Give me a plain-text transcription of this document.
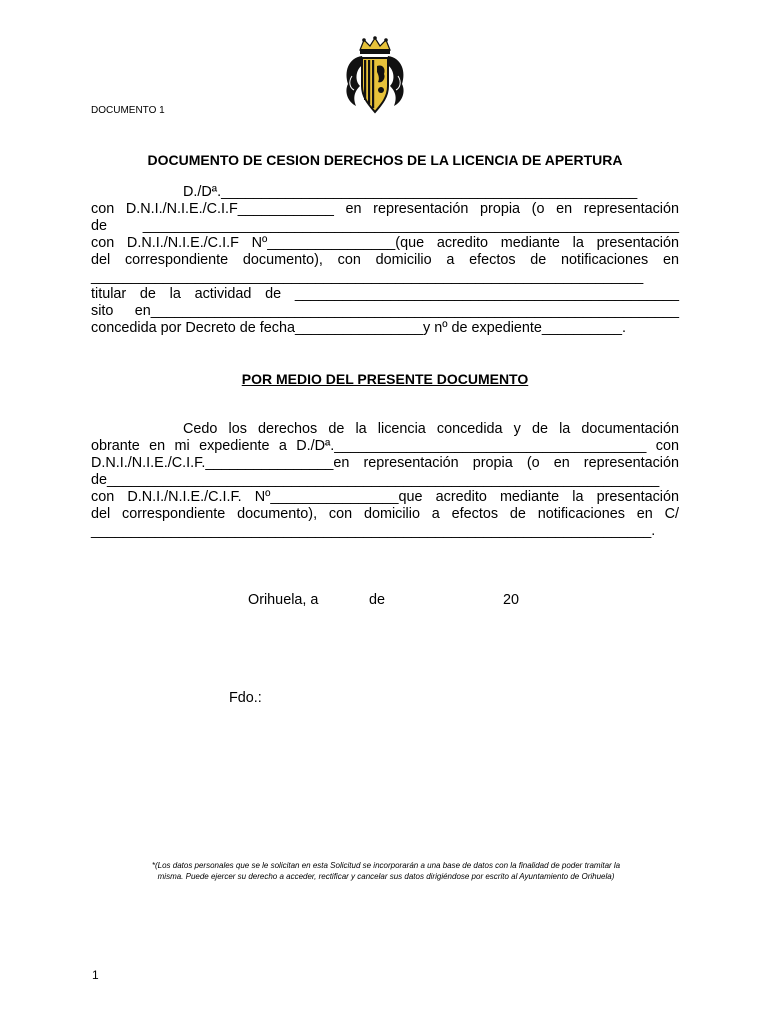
DOCUMENTO 1
DOCUMENTO DE CESION DERECHOS DE LA LICENCIA DE APERTURA
D./Dª.____________________________________________________
con D.N.I./N.I.E./C.I.F____________ en representación propia (o en representación
de ___________________________________________________________________
con D.N.I./N.I.E./C.I.F Nº________________(que acredito mediante la presentación
del correspondiente documento), con domicilio a efectos de notificaciones en
_____________________________________________________________________
titular de la actividad de ________________________________________________
sito en__________________________________________________________________
concedida por Decreto de fecha________________y nº de expediente__________.
POR MEDIO DEL PRESENTE DOCUMENTO
Cedo los derechos de la licencia concedida y de la documentación
obrante en mi expediente a D./Dª._______________________________________ con
D.N.I./N.I.E./C.I.F.________________en representación propia (o en representación
de_____________________________________________________________________
con D.N.I./N.I.E./C.I.F. Nº________________que acredito mediante la presentación
del correspondiente documento), con domicilio a efectos de notificaciones en C/
______________________________________________________________________.
Orihuela, a	de	20
Fdo.:
*(Los datos personales que se le solicitan en esta Solicitud se incorporarán a una base de datos con la finalidad de poder tramitar la
misma. Puede ejercer su derecho a acceder, rectificar y cancelar sus datos dirigiéndose por escrito al Ayuntamiento de Orihuela)
1
